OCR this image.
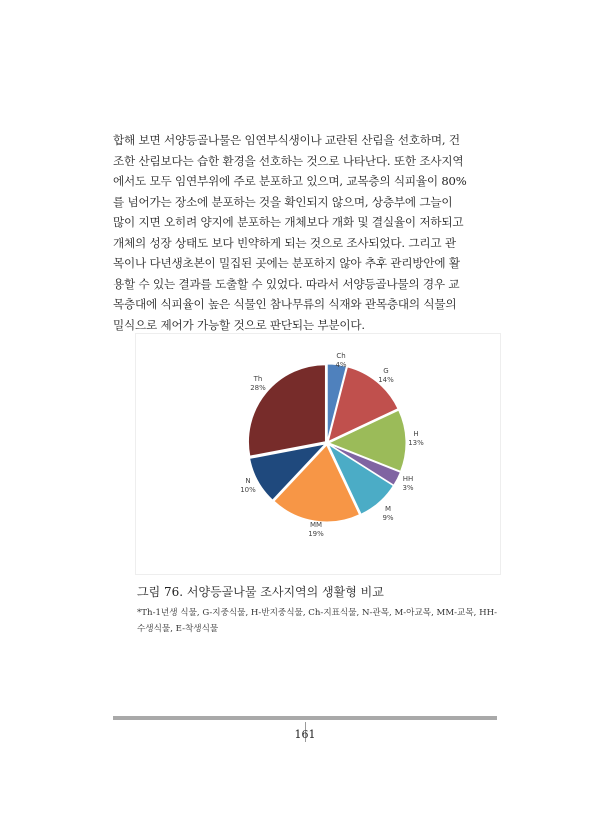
합해 보면 서양등골나물은 임연부식생이나 교란된 산림을 선호하며, 건

조한 산림보다는 습한 환경을 선호하는 것으로 나타난다. 또한 조사지역

에서도 모두 임연부위에 주로 분포하고 있으며, 교목층의 식피율이 80%

를 넘어가는 장소에 분포하는 것을 확인되지 않으며, 상층부에 그늘이

많이 지면 오히려 양지에 분포하는 개체보다 개화 및 결실율이 저하되고

개체의 성장 상태도 보다 빈약하게 되는 것으로 조사되었다. 그리고 관

목이나 다년생초본이 밀집된 곳에는 분포하지 않아 추후 관리방안에 활

용할 수 있는 결과를 도출할 수 있었다. 따라서 서양등골나물의 경우 교

목층대에 식피율이 높은 식물인 참나무류의 식재와 관목층대의 식물의

밀식으로 제어가 가능할 것으로 판단되는 부분이다.

Ch
4%
G
14%
H
13%
HH
3%
M
9%
MM
19%
N
10%
Th
28%
그림 76. 서양등골나물 조사지역의 생활형 비교
*Th-1년생 식물, G-지중식물, H-반지중식물, Ch-지표식물, N-관목, M-아교목, MM-교목, HH-
수생식물, E-착생식물
161
